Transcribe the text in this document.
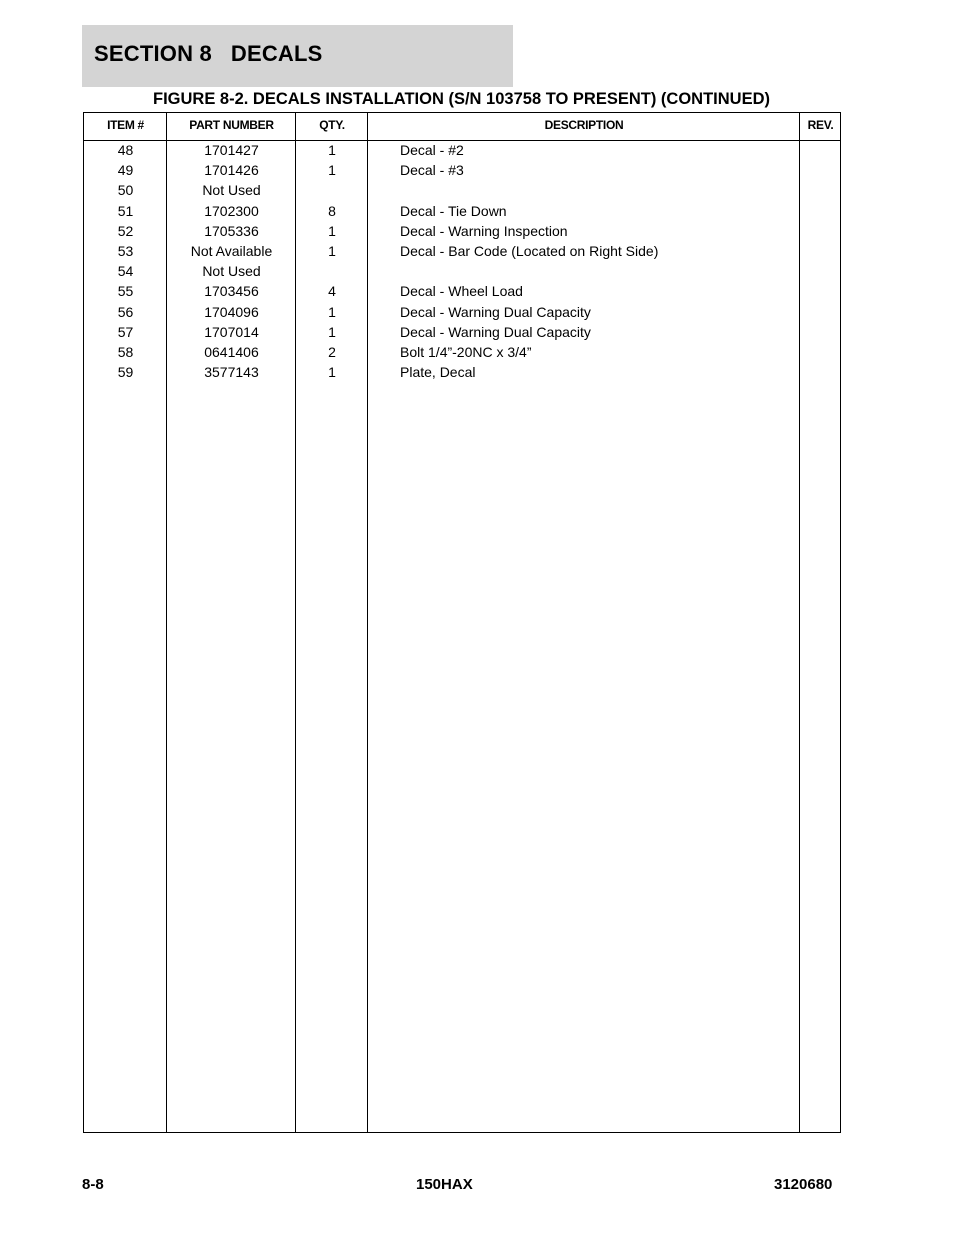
SECTION 8   DECALS
FIGURE 8-2. DECALS INSTALLATION (S/N 103758 TO PRESENT) (CONTINUED)
ITEM #	PART NUMBER	QTY.	DESCRIPTION	REV.
48	1701427	1	Decal - #2
49	1701426	1	Decal - #3
50	Not Used
51	1702300	8	Decal - Tie Down
52	1705336	1	Decal - Warning Inspection
53	Not Available	1	Decal - Bar Code (Located on Right Side)
54	Not Used
55	1703456	4	Decal - Wheel Load
56	1704096	1	Decal - Warning Dual Capacity
57	1707014	1	Decal - Warning Dual Capacity
58	0641406	2	Bolt 1/4”-20NC x 3/4”
59	3577143	1	Plate, Decal
8-8	150HAX	3120680
